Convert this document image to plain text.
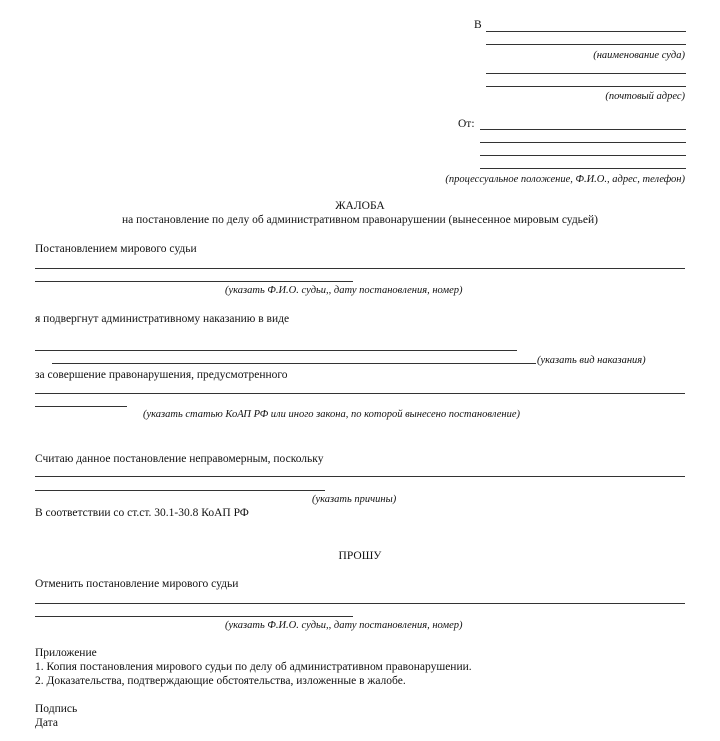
В
(наименование суда)
(почтовый адрес)
От:
(процессуальное положение, Ф.И.О., адрес, телефон)
ЖАЛОБА
на постановление по делу об административном правонарушении (вынесенное мировым судьей)
Постановлением мирового судьи
(указать Ф.И.О. судьи,, дату постановления, номер)
я подвергнут административному наказанию в виде
(указать вид наказания)
за совершение правонарушения, предусмотренного
(указать статью КоАП РФ или иного закона, по которой вынесено постановление)
Считаю данное постановление неправомерным, поскольку
(указать причины)
В соответствии со ст.ст. 30.1-30.8 КоАП РФ
ПРОШУ
Отменить постановление мирового судьи
(указать Ф.И.О. судьи,, дату постановления, номер)
Приложение
1. Копия постановления мирового судьи по делу об административном правонарушении.
2. Доказательства, подтверждающие обстоятельства, изложенные в жалобе.
Подпись
Дата
